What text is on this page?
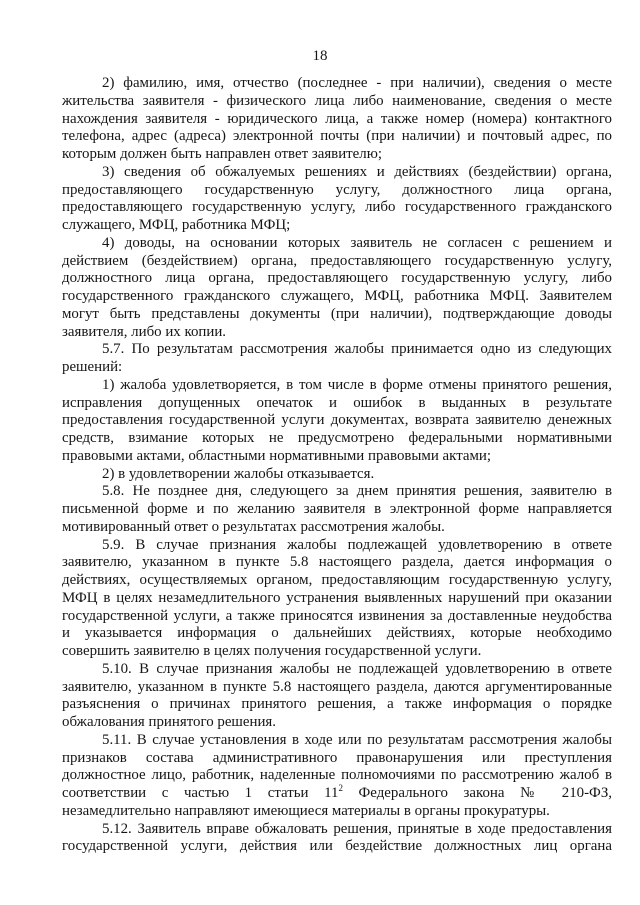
18
2) фамилию, имя, отчество (последнее - при наличии), сведения о месте
жительства заявителя - физического лица либо наименование, сведения о месте
нахождения заявителя - юридического лица, а также номер (номера) контактного
телефона, адрес (адреса) электронной почты (при наличии) и почтовый адрес, по
которым должен быть направлен ответ заявителю;
3) сведения об обжалуемых решениях и действиях (бездействии) органа,
предоставляющего государственную услугу, должностного лица органа,
предоставляющего государственную услугу, либо государственного гражданского
служащего, МФЦ, работника МФЦ;
4) доводы, на основании которых заявитель не согласен с решением и
действием (бездействием) органа, предоставляющего государственную услугу,
должностного лица органа, предоставляющего государственную услугу, либо
государственного гражданского служащего, МФЦ, работника МФЦ. Заявителем
могут быть представлены документы (при наличии), подтверждающие доводы
заявителя, либо их копии.
5.7. По результатам рассмотрения жалобы принимается одно из следующих
решений:
1) жалоба удовлетворяется, в том числе в форме отмены принятого решения,
исправления допущенных опечаток и ошибок в выданных в результате
предоставления государственной услуги документах, возврата заявителю денежных
средств, взимание которых не предусмотрено федеральными нормативными
правовыми актами, областными нормативными правовыми актами;
2) в удовлетворении жалобы отказывается.
5.8. Не позднее дня, следующего за днем принятия решения, заявителю в
письменной форме и по желанию заявителя в электронной форме направляется
мотивированный ответ о результатах рассмотрения жалобы.
5.9. В случае признания жалобы подлежащей удовлетворению в ответе
заявителю, указанном в пункте 5.8 настоящего раздела, дается информация о
действиях, осуществляемых органом, предоставляющим государственную услугу,
МФЦ в целях незамедлительного устранения выявленных нарушений при оказании
государственной услуги, а также приносятся извинения за доставленные неудобства
и указывается информация о дальнейших действиях, которые необходимо
совершить заявителю в целях получения государственной услуги.
5.10. В случае признания жалобы не подлежащей удовлетворению в ответе
заявителю, указанном в пункте 5.8 настоящего раздела, даются аргументированные
разъяснения о причинах принятого решения, а также информация о порядке
обжалования принятого решения.
5.11. В случае установления в ходе или по результатам рассмотрения жалобы
признаков состава административного правонарушения или преступления
должностное лицо, работник, наделенные полномочиями по рассмотрению жалоб в
соответствии с частью 1 статьи $11^2$ Федерального закона № 210-ФЗ,
незамедлительно направляют имеющиеся материалы в органы прокуратуры.
5.12. Заявитель вправе обжаловать решения, принятые в ходе предоставления
государственной услуги, действия или бездействие должностных лиц органа
